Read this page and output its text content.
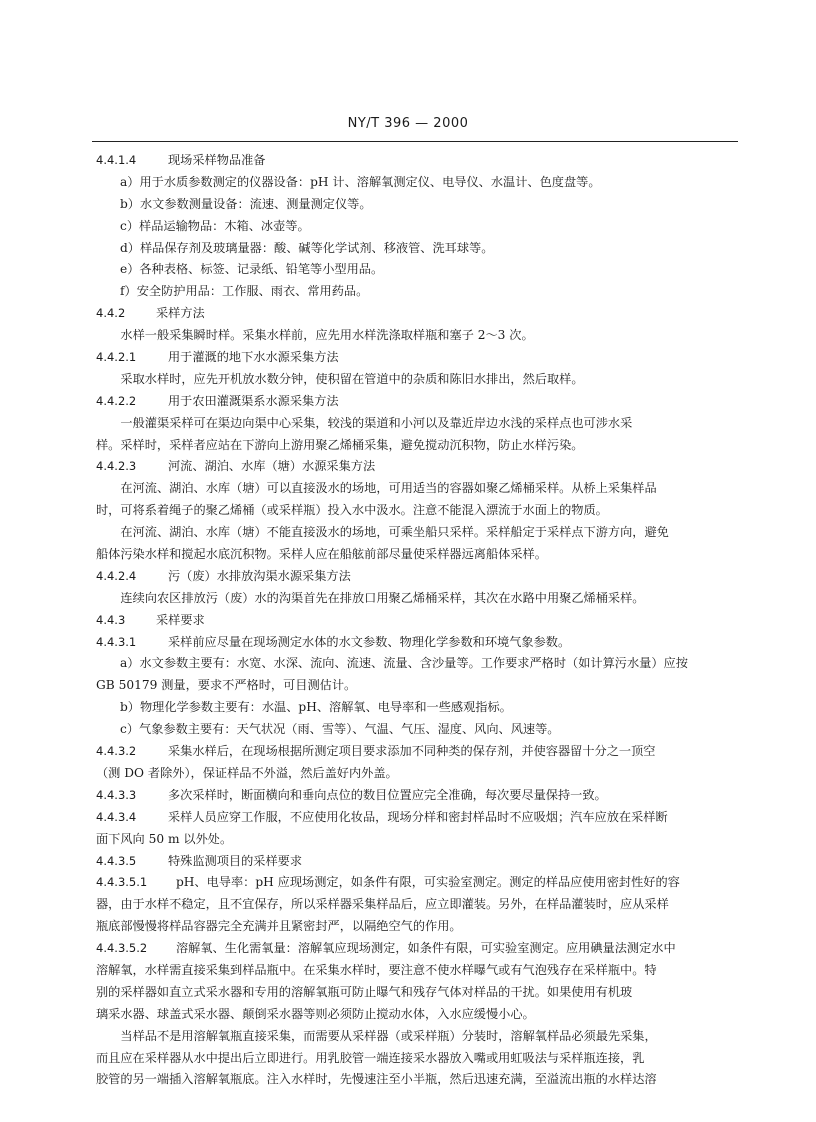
NY/T 396 — 2000
4.4.1.4	现场采样物品准备
a）用于水质参数测定的仪器设备：pH 计、溶解氧测定仪、电导仪、水温计、色度盘等。
b）水文参数测量设备：流速、测量测定仪等。
c）样品运输物品：木箱、冰壶等。
d）样品保存剂及玻璃量器：酸、碱等化学试剂、移液管、洗耳球等。
e）各种表格、标签、记录纸、铅笔等小型用品。
f）安全防护用品：工作服、雨衣、常用药品。
4.4.2	采样方法
水样一般采集瞬时样。采集水样前，应先用水样洗涤取样瓶和塞子 2～3 次。
4.4.2.1	用于灌溉的地下水水源采集方法
采取水样时，应先开机放水数分钟，使积留在管道中的杂质和陈旧水排出，然后取样。
4.4.2.2	用于农田灌溉渠系水源采集方法
一般灌渠采样可在渠边向渠中心采集，较浅的渠道和小河以及靠近岸边水浅的采样点也可涉水采
样。采样时，采样者应站在下游向上游用聚乙烯桶采集，避免搅动沉积物，防止水样污染。
4.4.2.3	河流、湖泊、水库（塘）水源采集方法
在河流、湖泊、水库（塘）可以直接汲水的场地，可用适当的容器如聚乙烯桶采样。从桥上采集样品
时，可将系着绳子的聚乙烯桶（或采样瓶）投入水中汲水。注意不能混入漂流于水面上的物质。
在河流、湖泊、水库（塘）不能直接汲水的场地，可乘坐船只采样。采样船定于采样点下游方向，避免
船体污染水样和搅起水底沉积物。采样人应在船舷前部尽量使采样器远离船体采样。
4.4.2.4	污（废）水排放沟渠水源采集方法
连续向农区排放污（废）水的沟渠首先在排放口用聚乙烯桶采样，其次在水路中用聚乙烯桶采样。
4.4.3	采样要求
4.4.3.1	采样前应尽量在现场测定水体的水文参数、物理化学参数和环境气象参数。
a）水文参数主要有：水宽、水深、流向、流速、流量、含沙量等。工作要求严格时（如计算污水量）应按
GB 50179 测量，要求不严格时，可目测估计。
b）物理化学参数主要有：水温、pH、溶解氧、电导率和一些感观指标。
c）气象参数主要有：天气状况（雨、雪等）、气温、气压、湿度、风向、风速等。
4.4.3.2	采集水样后，在现场根据所测定项目要求添加不同种类的保存剂，并使容器留十分之一顶空
（测 DO 者除外），保证样品不外溢，然后盖好内外盖。
4.4.3.3	多次采样时，断面横向和垂向点位的数目位置应完全准确，每次要尽量保持一致。
4.4.3.4	采样人员应穿工作服，不应使用化妆品，现场分样和密封样品时不应吸烟；汽车应放在采样断
面下风向 50 m 以外处。
4.4.3.5	特殊监测项目的采样要求
4.4.3.5.1 pH、电导率：pH 应现场测定，如条件有限，可实验室测定。测定的样品应使用密封性好的容
器，由于水样不稳定，且不宜保存，所以采样器采集样品后，应立即灌装。另外，在样品灌装时，应从采样
瓶底部慢慢将样品容器完全充满并且紧密封严，以隔绝空气的作用。
4.4.3.5.2 溶解氧、生化需氧量：溶解氧应现场测定，如条件有限，可实验室测定。应用碘量法测定水中
溶解氧，水样需直接采集到样品瓶中。在采集水样时，要注意不使水样曝气或有气泡残存在采样瓶中。特
别的采样器如直立式采水器和专用的溶解氧瓶可防止曝气和残存气体对样品的干扰。如果使用有机玻
璃采水器、球盖式采水器、颠倒采水器等则必须防止搅动水体，入水应缓慢小心。
当样品不是用溶解氧瓶直接采集，而需要从采样器（或采样瓶）分装时，溶解氧样品必须最先采集，
而且应在采样器从水中提出后立即进行。用乳胶管一端连接采水器放入嘴或用虹吸法与采样瓶连接，乳
胶管的另一端插入溶解氧瓶底。注入水样时，先慢速注至小半瓶，然后迅速充满，至溢流出瓶的水样达溶
